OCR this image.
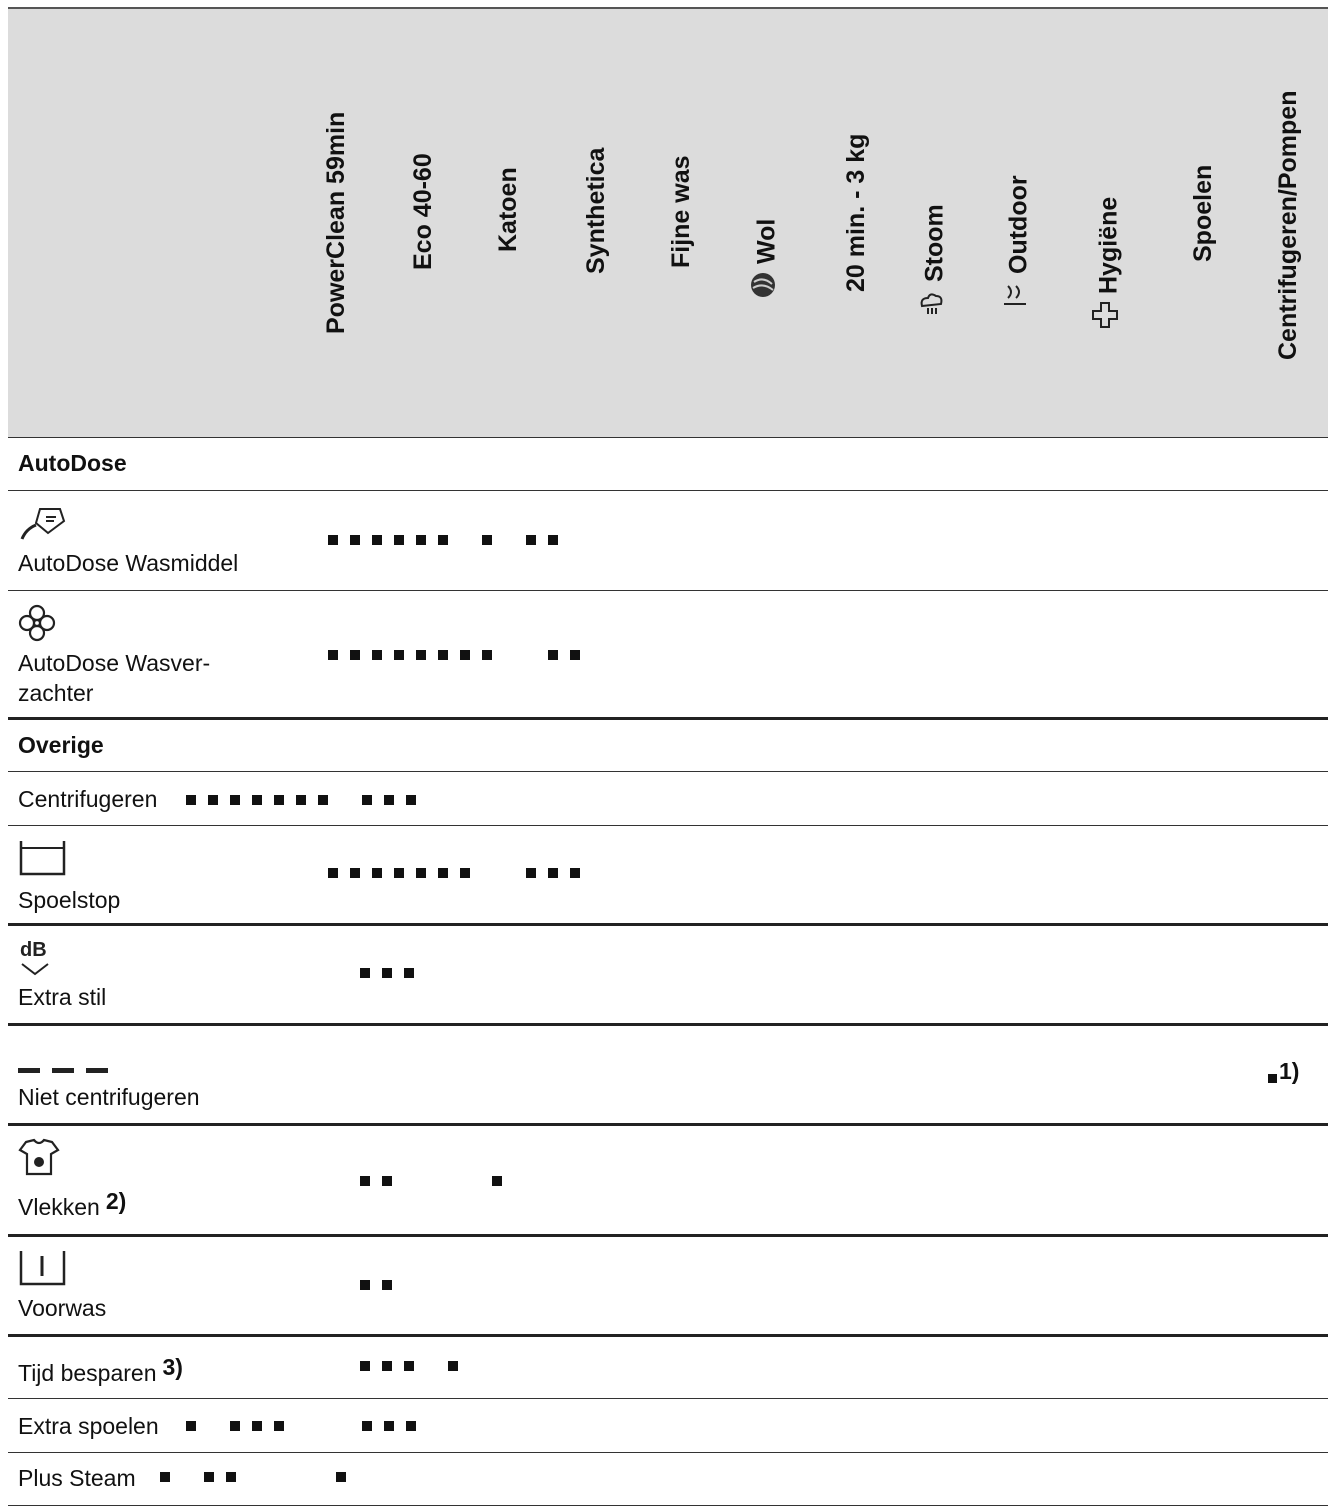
PowerClean 59min Eco 40-60 Katoen Synthetica Fijne was Wol 20 min. - 3 kg Stoom Outdoor Hygiëne	Spoelen Centrifugeren/Pompen
AutoDose
Overige
AutoDose Wasmiddel
AutoDose Wasver-
zachter
Centrifugeren
Spoelstop
dB
Extra stil
Niet centrifugeren
1)
Vlekken 2)
Voorwas
Tijd besparen 3)
Extra spoelen
Plus Steam
